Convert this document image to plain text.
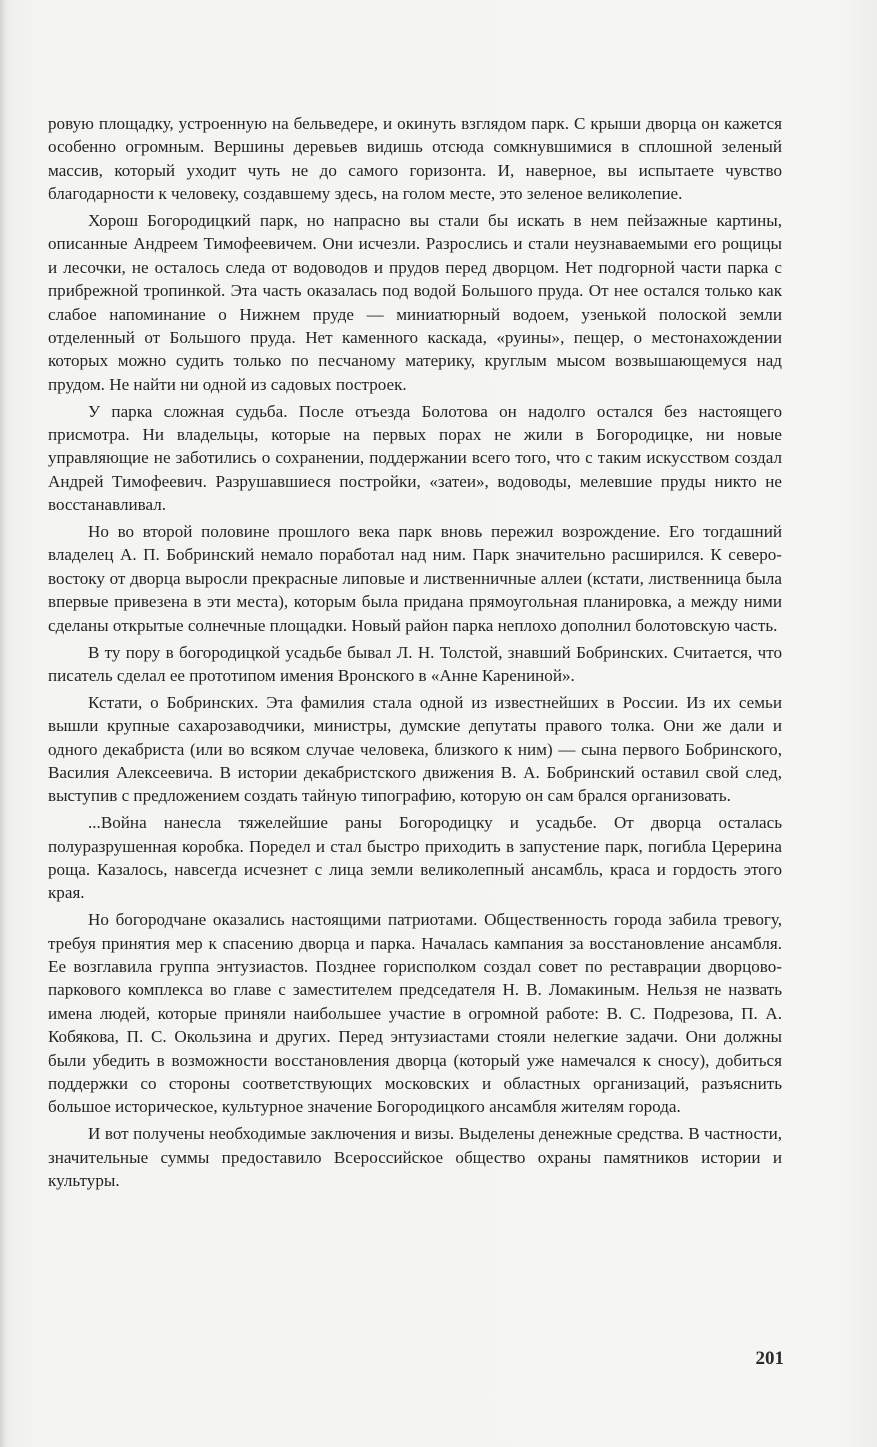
ровую площадку, устроенную на бельведере, и окинуть взглядом парк. С крыши дворца он кажется особенно огромным. Вершины деревьев видишь отсюда сомкнувшимися в сплошной зеленый массив, который уходит чуть не до самого горизонта. И, наверное, вы испытаете чувство благодарности к человеку, создавшему здесь, на голом месте, это зеленое великолепие.

Хорош Богородицкий парк, но напрасно вы стали бы искать в нем пейзажные картины, описанные Андреем Тимофеевичем. Они исчезли. Разрослись и стали неузнаваемыми его рощицы и лесочки, не осталось следа от водоводов и прудов перед дворцом. Нет подгорной части парка с прибрежной тропинкой. Эта часть оказалась под водой Большого пруда. От нее остался только как слабое напоминание о Нижнем пруде — миниатюрный водоем, узенькой полоской земли отделенный от Большого пруда. Нет каменного каскада, «руины», пещер, о местонахождении которых можно судить только по песчаному материку, круглым мысом возвышающемуся над прудом. Не найти ни одной из садовых построек.

У парка сложная судьба. После отъезда Болотова он надолго остался без настоящего присмотра. Ни владельцы, которые на первых порах не жили в Богородицке, ни новые управляющие не заботились о сохранении, поддержании всего того, что с таким искусством создал Андрей Тимофеевич. Разрушавшиеся постройки, «затеи», водоводы, мелевшие пруды никто не восстанавливал.

Но во второй половине прошлого века парк вновь пережил возрождение. Его тогдашний владелец А. П. Бобринский немало поработал над ним. Парк значительно расширился. К северо-востоку от дворца выросли прекрасные липовые и лиственничные аллеи (кстати, лиственница была впервые привезена в эти места), которым была придана прямоугольная планировка, а между ними сделаны открытые солнечные площадки. Новый район парка неплохо дополнил болотовскую часть.

В ту пору в богородицкой усадьбе бывал Л. Н. Толстой, знавший Бобринских. Считается, что писатель сделал ее прототипом имения Вронского в «Анне Карениной».

Кстати, о Бобринских. Эта фамилия стала одной из известнейших в России. Из их семьи вышли крупные сахарозаводчики, министры, думские депутаты правого толка. Они же дали и одного декабриста (или во всяком случае человека, близкого к ним) — сына первого Бобринского, Василия Алексеевича. В истории декабристского движения В. А. Бобринский оставил свой след, выступив с предложением создать тайную типографию, которую он сам брался организовать.

...Война нанесла тяжелейшие раны Богородицку и усадьбе. От дворца осталась полуразрушенная коробка. Поредел и стал быстро приходить в запустение парк, погибла Церерина роща. Казалось, навсегда исчезнет с лица земли великолепный ансамбль, краса и гордость этого края.

Но богородчане оказались настоящими патриотами. Общественность города забила тревогу, требуя принятия мер к спасению дворца и парка. Началась кампания за восстановление ансамбля. Ее возглавила группа энтузиастов. Позднее горисполком создал совет по реставрации дворцово-паркового комплекса во главе с заместителем председателя Н. В. Ломакиным. Нельзя не назвать имена людей, которые приняли наибольшее участие в огромной работе: В. С. Подрезова, П. А. Кобякова, П. С. Окользина и других. Перед энтузиастами стояли нелегкие задачи. Они должны были убедить в возможности восстановления дворца (который уже намечался к сносу), добиться поддержки со стороны соответствующих московских и областных организаций, разъяснить большое историческое, культурное значение Богородицкого ансамбля жителям города.

И вот получены необходимые заключения и визы. Выделены денежные средства. В частности, значительные суммы предоставило Всероссийское общество охраны памятников истории и культуры.

201
